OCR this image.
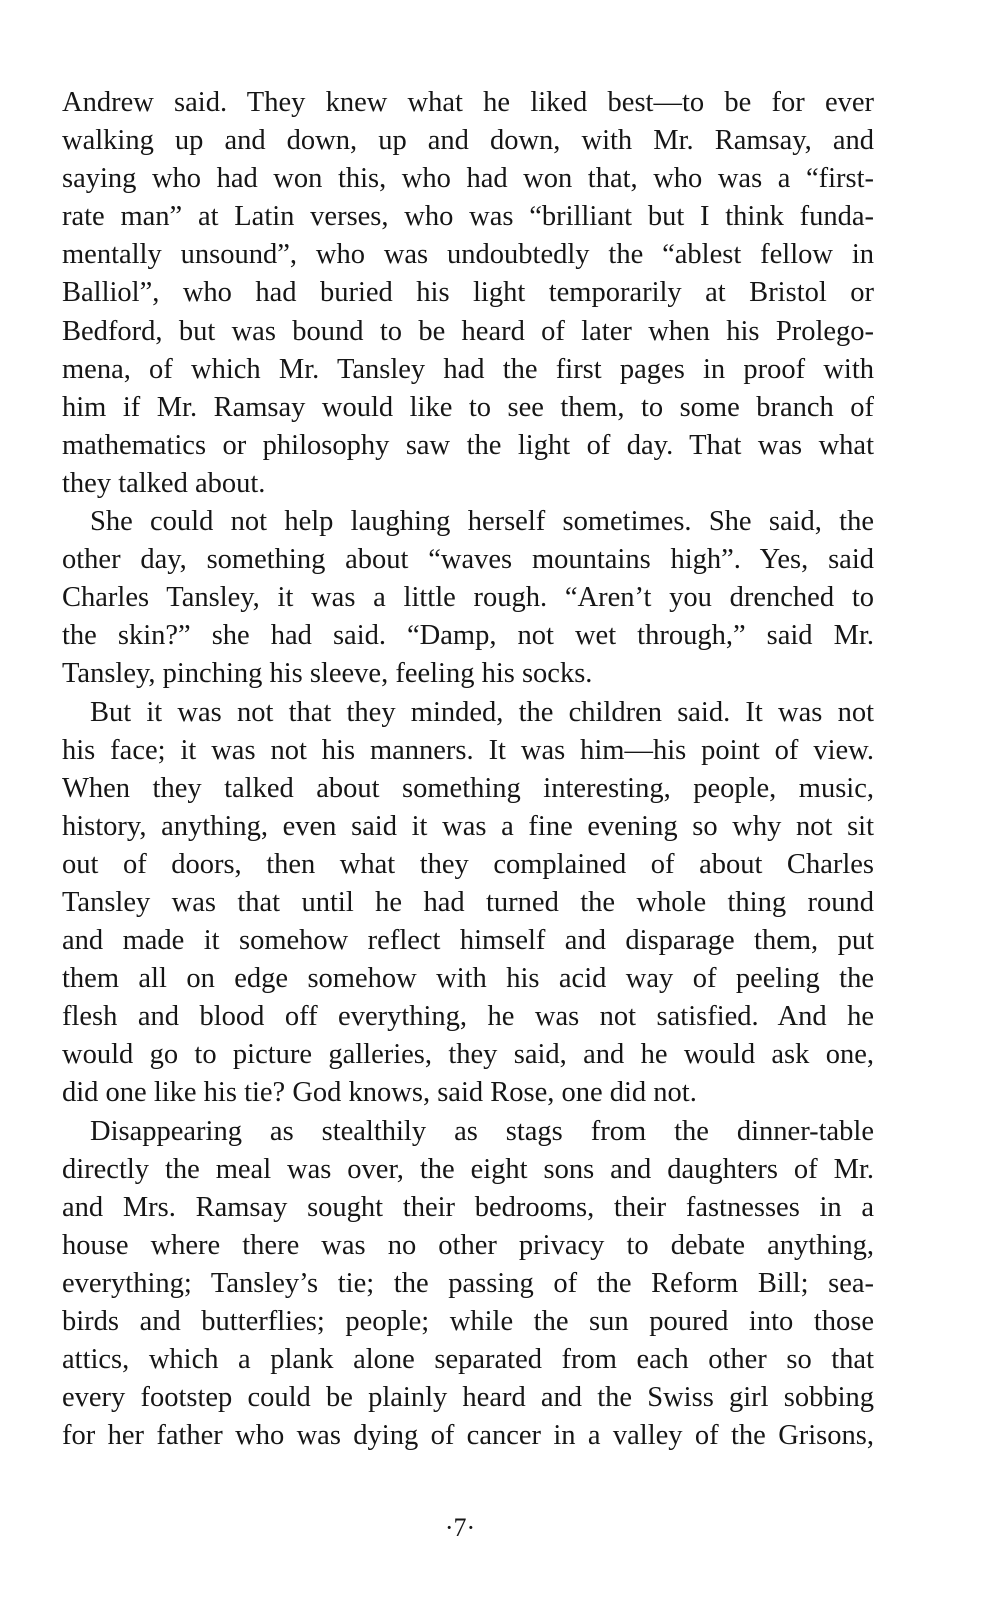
Andrew said. They knew what he liked best—to be for ever
walking up and down, up and down, with Mr. Ramsay, and
saying who had won this, who had won that, who was a “first-
rate man” at Latin verses, who was “brilliant but I think funda-
mentally unsound”, who was undoubtedly the “ablest fellow in
Balliol”, who had buried his light temporarily at Bristol or
Bedford, but was bound to be heard of later when his Prolego-
mena, of which Mr. Tansley had the first pages in proof with
him if Mr. Ramsay would like to see them, to some branch of
mathematics or philosophy saw the light of day. That was what
they talked about.
She could not help laughing herself sometimes. She said, the
other day, something about “waves mountains high”. Yes, said
Charles Tansley, it was a little rough. “Aren’t you drenched to
the skin?” she had said. “Damp, not wet through,” said Mr.
Tansley, pinching his sleeve, feeling his socks.
But it was not that they minded, the children said. It was not
his face; it was not his manners. It was him—his point of view.
When they talked about something interesting, people, music,
history, anything, even said it was a fine evening so why not sit
out of doors, then what they complained of about Charles
Tansley was that until he had turned the whole thing round
and made it somehow reflect himself and disparage them, put
them all on edge somehow with his acid way of peeling the
flesh and blood off everything, he was not satisfied. And he
would go to picture galleries, they said, and he would ask one,
did one like his tie? God knows, said Rose, one did not.
Disappearing as stealthily as stags from the dinner-table
directly the meal was over, the eight sons and daughters of Mr.
and Mrs. Ramsay sought their bedrooms, their fastnesses in a
house where there was no other privacy to debate anything,
everything; Tansley’s tie; the passing of the Reform Bill; sea-
birds and butterflies; people; while the sun poured into those
attics, which a plank alone separated from each other so that
every footstep could be plainly heard and the Swiss girl sobbing
for her father who was dying of cancer in a valley of the Grisons,
·7·
